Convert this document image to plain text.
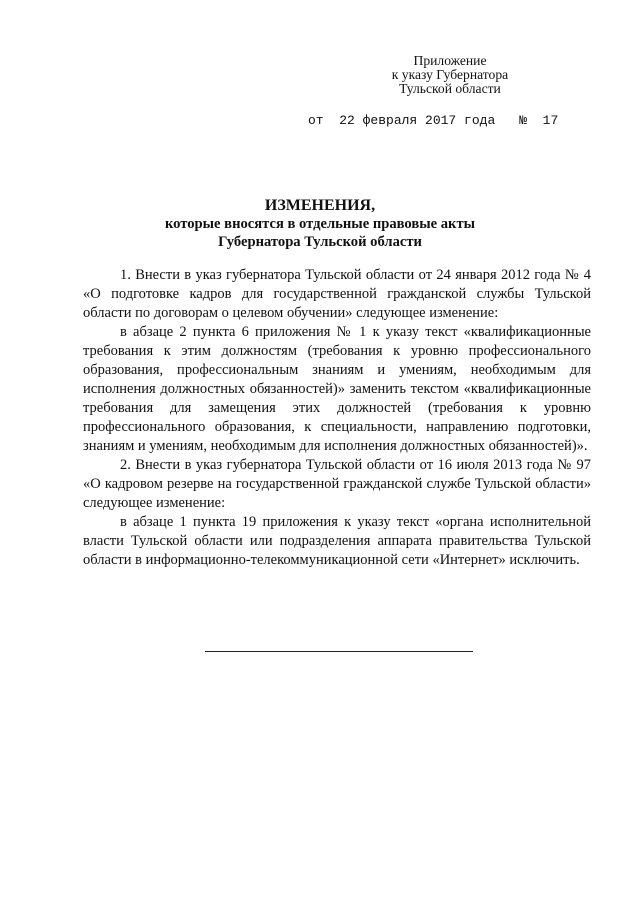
Приложение
к указу Губернатора
Тульской области
от 22 февраля 2017 года № 17
ИЗМЕНЕНИЯ,
которые вносятся в отдельные правовые акты
Губернатора Тульской области

1. Внести в указ губернатора Тульской области от 24 января 2012 года № 4 «О подготовке кадров для государственной гражданской службы Тульской области по договорам о целевом обучении» следующее изменение:

в абзаце 2 пункта 6 приложения № 1 к указу текст «квалификационные требования к этим должностям (требования к уровню профессионального образования, профессиональным знаниям и умениям, необходимым для исполнения должностных обязанностей)» заменить текстом «квалификационные требования для замещения этих должностей (требования к уровню профессионального образования, к специальности, направлению подготовки, знаниям и умениям, необходимым для исполнения должностных обязанностей)».

2. Внести в указ губернатора Тульской области от 16 июля 2013 года № 97 «О кадровом резерве на государственной гражданской службе Тульской области» следующее изменение:

в абзаце 1 пункта 19 приложения к указу текст «органа исполнительной власти Тульской области или подразделения аппарата правительства Тульской области в информационно-телекоммуникационной сети «Интернет» исключить.
